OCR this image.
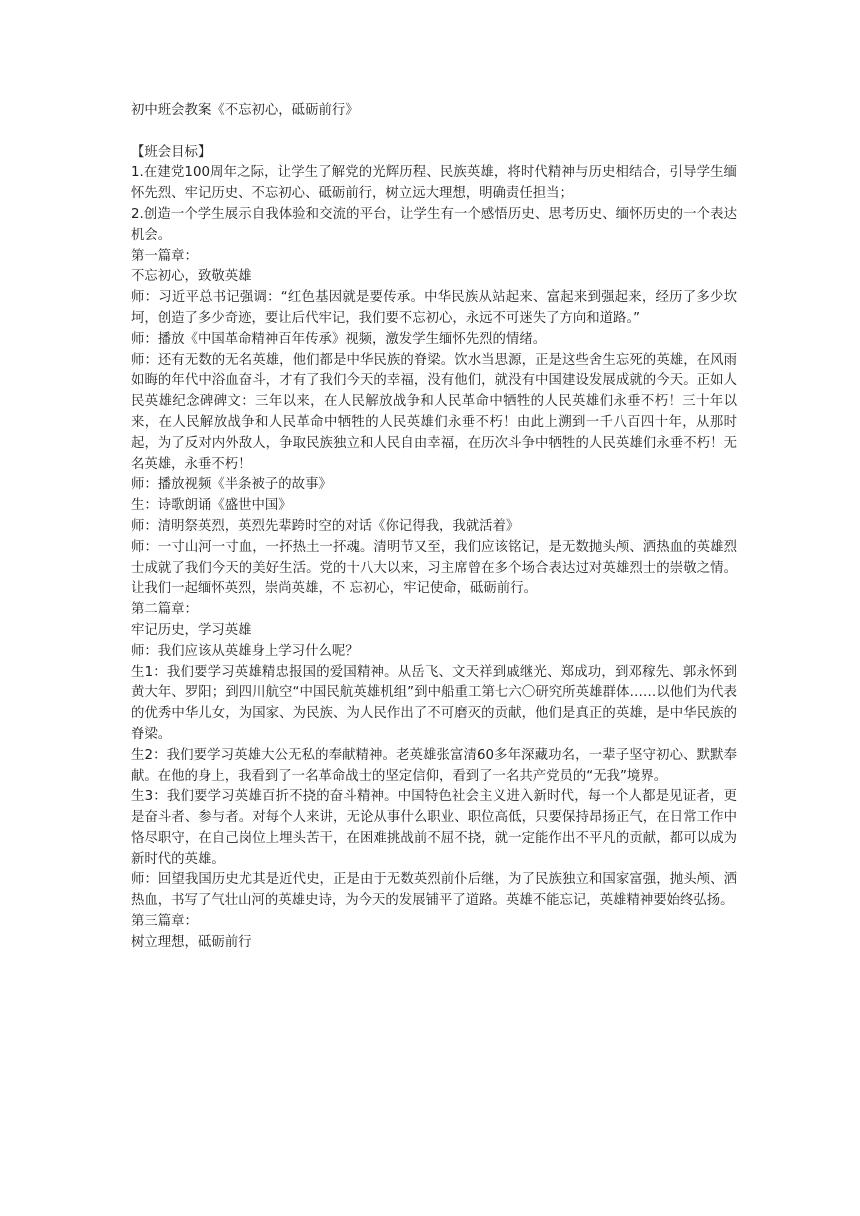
初中班会教案《不忘初心，砥砺前行》

【班会目标】

1.在建党100周年之际，让学生了解党的光辉历程、民族英雄，将时代精神与历史相结合，引导学生缅怀先烈、牢记历史、不忘初心、砥砺前行，树立远大理想，明确责任担当；

2.创造一个学生展示自我体验和交流的平台，让学生有一个感悟历史、思考历史、缅怀历史的一个表达机会。

第一篇章：

不忘初心，致敬英雄

师：习近平总书记强调：“红色基因就是要传承。中华民族从站起来、富起来到强起来，经历了多少坎坷，创造了多少奇迹，要让后代牢记，我们要不忘初心，永远不可迷失了方向和道路。”

师：播放《中国革命精神百年传承》视频，激发学生缅怀先烈的情绪。

师：还有无数的无名英雄，他们都是中华民族的脊梁。饮水当思源，正是这些舍生忘死的英雄，在风雨如晦的年代中浴血奋斗，才有了我们今天的幸福，没有他们，就没有中国建设发展成就的今天。正如人民英雄纪念碑碑文：三年以来，在人民解放战争和人民革命中牺牲的人民英雄们永垂不朽！三十年以来，在人民解放战争和人民革命中牺牲的人民英雄们永垂不朽！由此上溯到一千八百四十年，从那时起，为了反对内外敌人，争取民族独立和人民自由幸福，在历次斗争中牺牲的人民英雄们永垂不朽！无名英雄，永垂不朽！

师：播放视频《半条被子的故事》

生：诗歌朗诵《盛世中国》

师：清明祭英烈，英烈先辈跨时空的对话《你记得我，我就活着》

师：一寸山河一寸血，一抔热土一抔魂。清明节又至，我们应该铭记，是无数抛头颅、洒热血的英雄烈士成就了我们今天的美好生活。党的十八大以来，习主席曾在多个场合表达过对英雄烈士的崇敬之情。让我们一起缅怀英烈，崇尚英雄，不 忘初心，牢记使命，砥砺前行。

第二篇章：

牢记历史，学习英雄

师：我们应该从英雄身上学习什么呢？

生1：我们要学习英雄精忠报国的爱国精神。从岳飞、文天祥到戚继光、郑成功，到邓稼先、郭永怀到黄大年、罗阳；到四川航空“中国民航英雄机组”到中船重工第七六〇研究所英雄群体……以他们为代表的优秀中华儿女，为国家、为民族、为人民作出了不可磨灭的贡献，他们是真正的英雄，是中华民族的脊梁。

生2：我们要学习英雄大公无私的奉献精神。老英雄张富清60多年深藏功名，一辈子坚守初心、默默奉献。在他的身上，我看到了一名革命战士的坚定信仰，看到了一名共产党员的“无我”境界。

生3：我们要学习英雄百折不挠的奋斗精神。中国特色社会主义进入新时代，每一个人都是见证者，更是奋斗者、参与者。对每个人来讲，无论从事什么职业、职位高低，只要保持昂扬正气，在日常工作中恪尽职守，在自己岗位上埋头苦干，在困难挑战前不屈不挠，就一定能作出不平凡的贡献，都可以成为新时代的英雄。

师：回望我国历史尤其是近代史，正是由于无数英烈前仆后继，为了民族独立和国家富强，抛头颅、洒热血，书写了气壮山河的英雄史诗，为今天的发展铺平了道路。英雄不能忘记，英雄精神要始终弘扬。

第三篇章：

树立理想，砥砺前行
